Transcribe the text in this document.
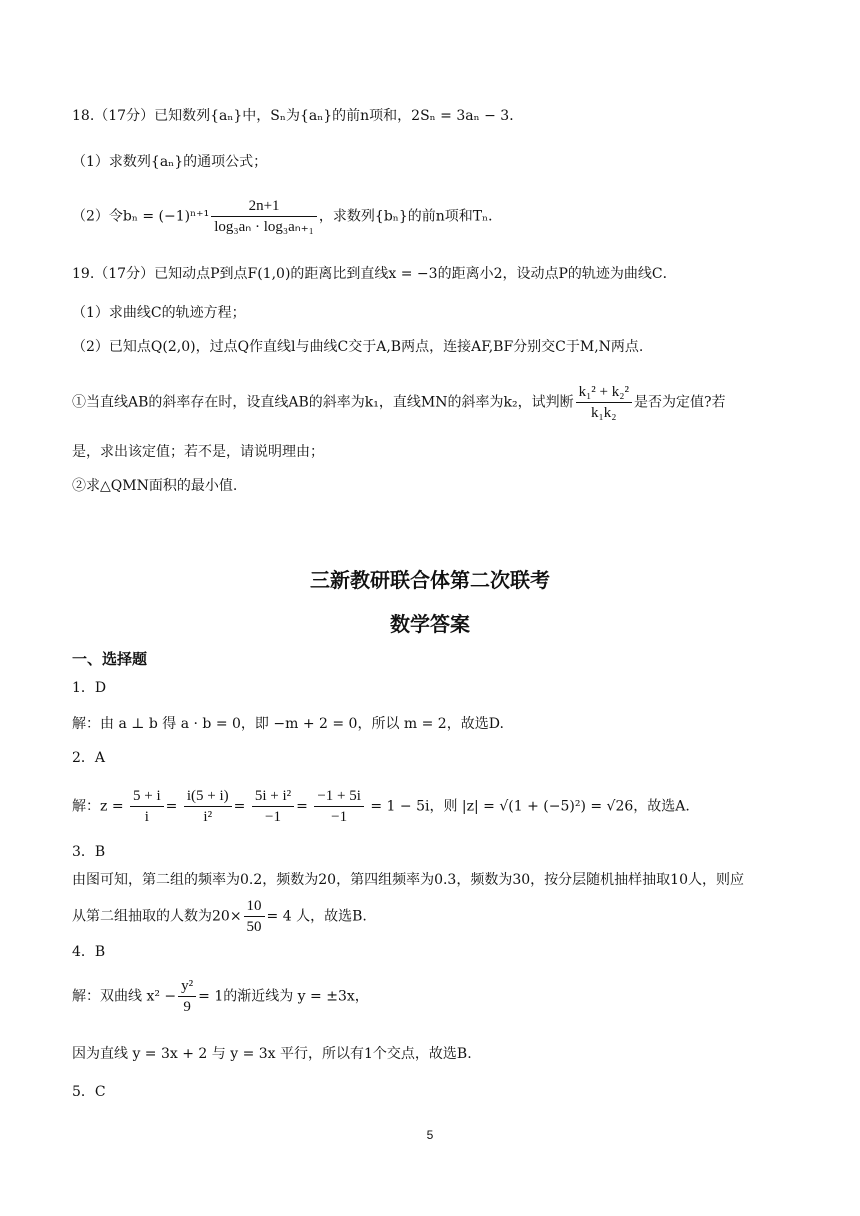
18.（17分）已知数列{aₙ}中，Sₙ为{aₙ}的前n项和，2Sₙ = 3aₙ − 3．
（1）求数列{aₙ}的通项公式；
（2）令$b_n = (-1)^{n+1} \frac{2n+1}{\text{log₃aₙ · log₃aₙ₊₁}}$ ，求数列{bₙ}的前n项和Tₙ．
19.（17分）已知动点P到点F(1,0)的距离比到直线x = −3的距离小2，设动点P的轨迹为曲线C．
（1）求曲线C的轨迹方程；
（2）已知点Q(2,0)，过点Q作直线l与曲线C交于A,B两点，连接AF,BF分别交C于M,N两点.
①当直线AB的斜率存在时，设直线AB的斜率为k₁，直线MN的斜率为k₂，试判断 $\frac{\text{k₁² + k₂²}}{\text{k₁k₂}}$ 是否为定值?若
是，求出该定值；若不是，请说明理由；
②求△QMN面积的最小值.
三新教研联合体第二次联考
数学答案
一、选择题
1．D
解：由 a ⊥ b 得 a · b = 0，即 −m + 2 = 0，所以 m = 2，故选D.
2．A
解：$z = \frac{5 + i}{i} = \frac{i(5 + i)}{\text{i²}} = \frac{\text{5i + i²}}{-1} = \frac{-1 + 5i}{-1} = 1 - 5i$，则 |z| = √(1 + (−5)²) = √26，故选A.
3．B
由图可知，第二组的频率为0.2，频数为20，第四组频率为0.3，频数为30，按分层随机抽样抽取10人，则应
从第二组抽取的人数为$20\times \frac{10}{50} = 4$ 人，故选B.
4．B
解：双曲线 $x^2 - \frac{\text{y²}}{9} = 1$的渐近线为 y = ±3x，
因为直线 y = 3x + 2 与 y = 3x 平行，所以有1个交点，故选B.
5．C
5
